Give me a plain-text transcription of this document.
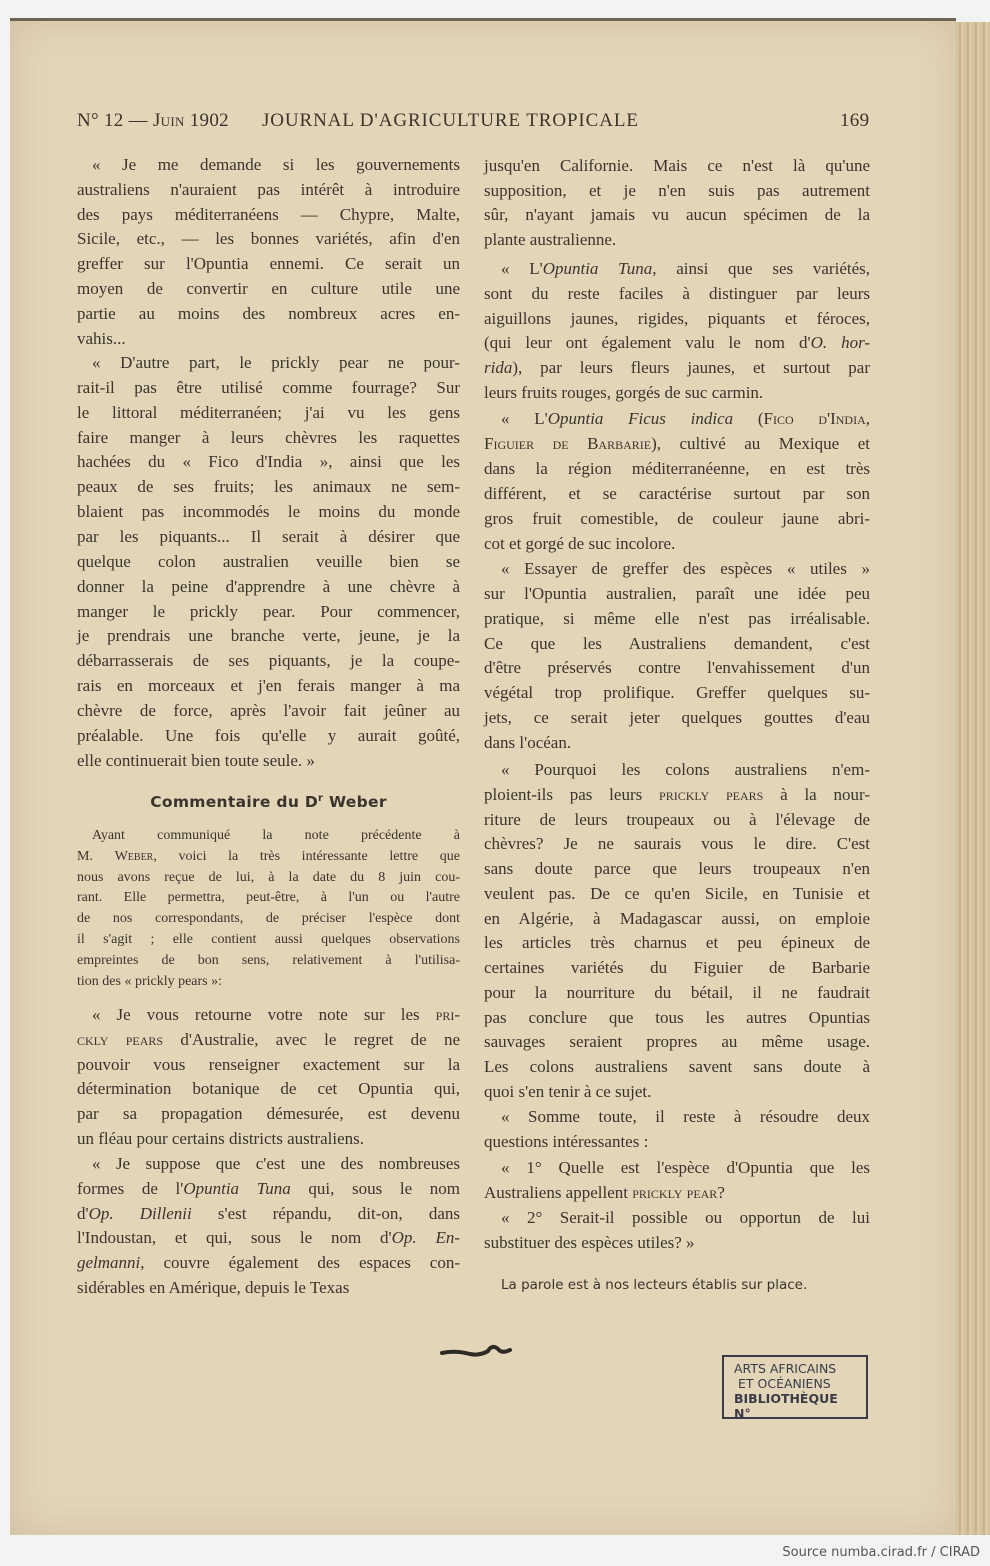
N° 12 — Juin 1902 JOURNAL D'AGRICULTURE TROPICALE	169
« Je me demande si les gouvernements
australiens n'auraient pas intérêt à introduire
des pays méditerranéens — Chypre, Malte,
Sicile, etc., — les bonnes variétés, afin d'en
greffer sur l'Opuntia ennemi. Ce serait un
moyen de convertir en culture utile une
partie au moins des nombreux acres en-
vahis...
« D'autre part, le prickly pear ne pour-
rait-il pas être utilisé comme fourrage? Sur
le littoral méditerranéen; j'ai vu les gens
faire manger à leurs chèvres les raquettes
hachées du « Fico d'India », ainsi que les
peaux de ses fruits; les animaux ne sem-
blaient pas incommodés le moins du monde
par les piquants... Il serait à désirer que
quelque colon australien veuille bien se
donner la peine d'apprendre à une chèvre à
manger le prickly pear. Pour commencer,
je prendrais une branche verte, jeune, je la
débarrasserais de ses piquants, je la coupe-
rais en morceaux et j'en ferais manger à ma
chèvre de force, après l'avoir fait jeûner au
préalable. Une fois qu'elle y aurait goûté,
elle continuerait bien toute seule. »
Ayant communiqué la note précédente à
M. Weber, voici la très intéressante lettre que
nous avons reçue de lui, à la date du 8 juin cou-
rant. Elle permettra, peut-être, à l'un ou l'autre
de nos correspondants, de préciser l'espèce dont
il s'agit ; elle contient aussi quelques observations
empreintes de bon sens, relativement à l'utilisa-
tion des « prickly pears »:
« Je vous retourne votre note sur les pri-
ckly pears d'Australie, avec le regret de ne
pouvoir vous renseigner exactement sur la
détermination botanique de cet Opuntia qui,
par sa propagation démesurée, est devenu
un fléau pour certains districts australiens.
« Je suppose que c'est une des nombreuses
formes de l'Opuntia Tuna qui, sous le nom
d'Op. Dillenii s'est répandu, dit-on, dans
l'Indoustan, et qui, sous le nom d'Op. En-
gelmanni, couvre également des espaces con-
sidérables en Amérique, depuis le Texas
jusqu'en Californie. Mais ce n'est là qu'une
supposition, et je n'en suis pas autrement
sûr, n'ayant jamais vu aucun spécimen de la
plante australienne.
« L'Opuntia Tuna, ainsi que ses variétés,
sont du reste faciles à distinguer par leurs
aiguillons jaunes, rigides, piquants et féroces,
(qui leur ont également valu le nom d'O. hor-
rida), par leurs fleurs jaunes, et surtout par
leurs fruits rouges, gorgés de suc carmin.
« L'Opuntia Ficus indica (Fico d'India,
Figuier de Barbarie), cultivé au Mexique et
dans la région méditerranéenne, en est très
différent, et se caractérise surtout par son
gros fruit comestible, de couleur jaune abri-
cot et gorgé de suc incolore.
« Essayer de greffer des espèces « utiles »
sur l'Opuntia australien, paraît une idée peu
pratique, si même elle n'est pas irréalisable.
Ce que les Australiens demandent, c'est
d'être préservés contre l'envahissement d'un
végétal trop prolifique. Greffer quelques su-
jets, ce serait jeter quelques gouttes d'eau
dans l'océan.
« Pourquoi les colons australiens n'em-
ploient-ils pas leurs prickly pears à la nour-
riture de leurs troupeaux ou à l'élevage de
chèvres? Je ne saurais vous le dire. C'est
sans doute parce que leurs troupeaux n'en
veulent pas. De ce qu'en Sicile, en Tunisie et
en Algérie, à Madagascar aussi, on emploie
les articles très charnus et peu épineux de
certaines variétés du Figuier de Barbarie
pour la nourriture du bétail, il ne faudrait
pas conclure que tous les autres Opuntias
sauvages seraient propres au même usage.
Les colons australiens savent sans doute à
quoi s'en tenir à ce sujet.
« Somme toute, il reste à résoudre deux
questions intéressantes :
« 1° Quelle est l'espèce d'Opuntia que les
Australiens appellent prickly pear?
« 2° Serait-il possible ou opportun de lui
substituer des espèces utiles? »
Commentaire du $D^r$ Weber
La parole est à nos lecteurs établis sur place.
ARTS AFRICAINS
ET OCÉANIENS
BIBLIOTHÈQUE
N°
Source numba.cirad.fr / CIRAD
